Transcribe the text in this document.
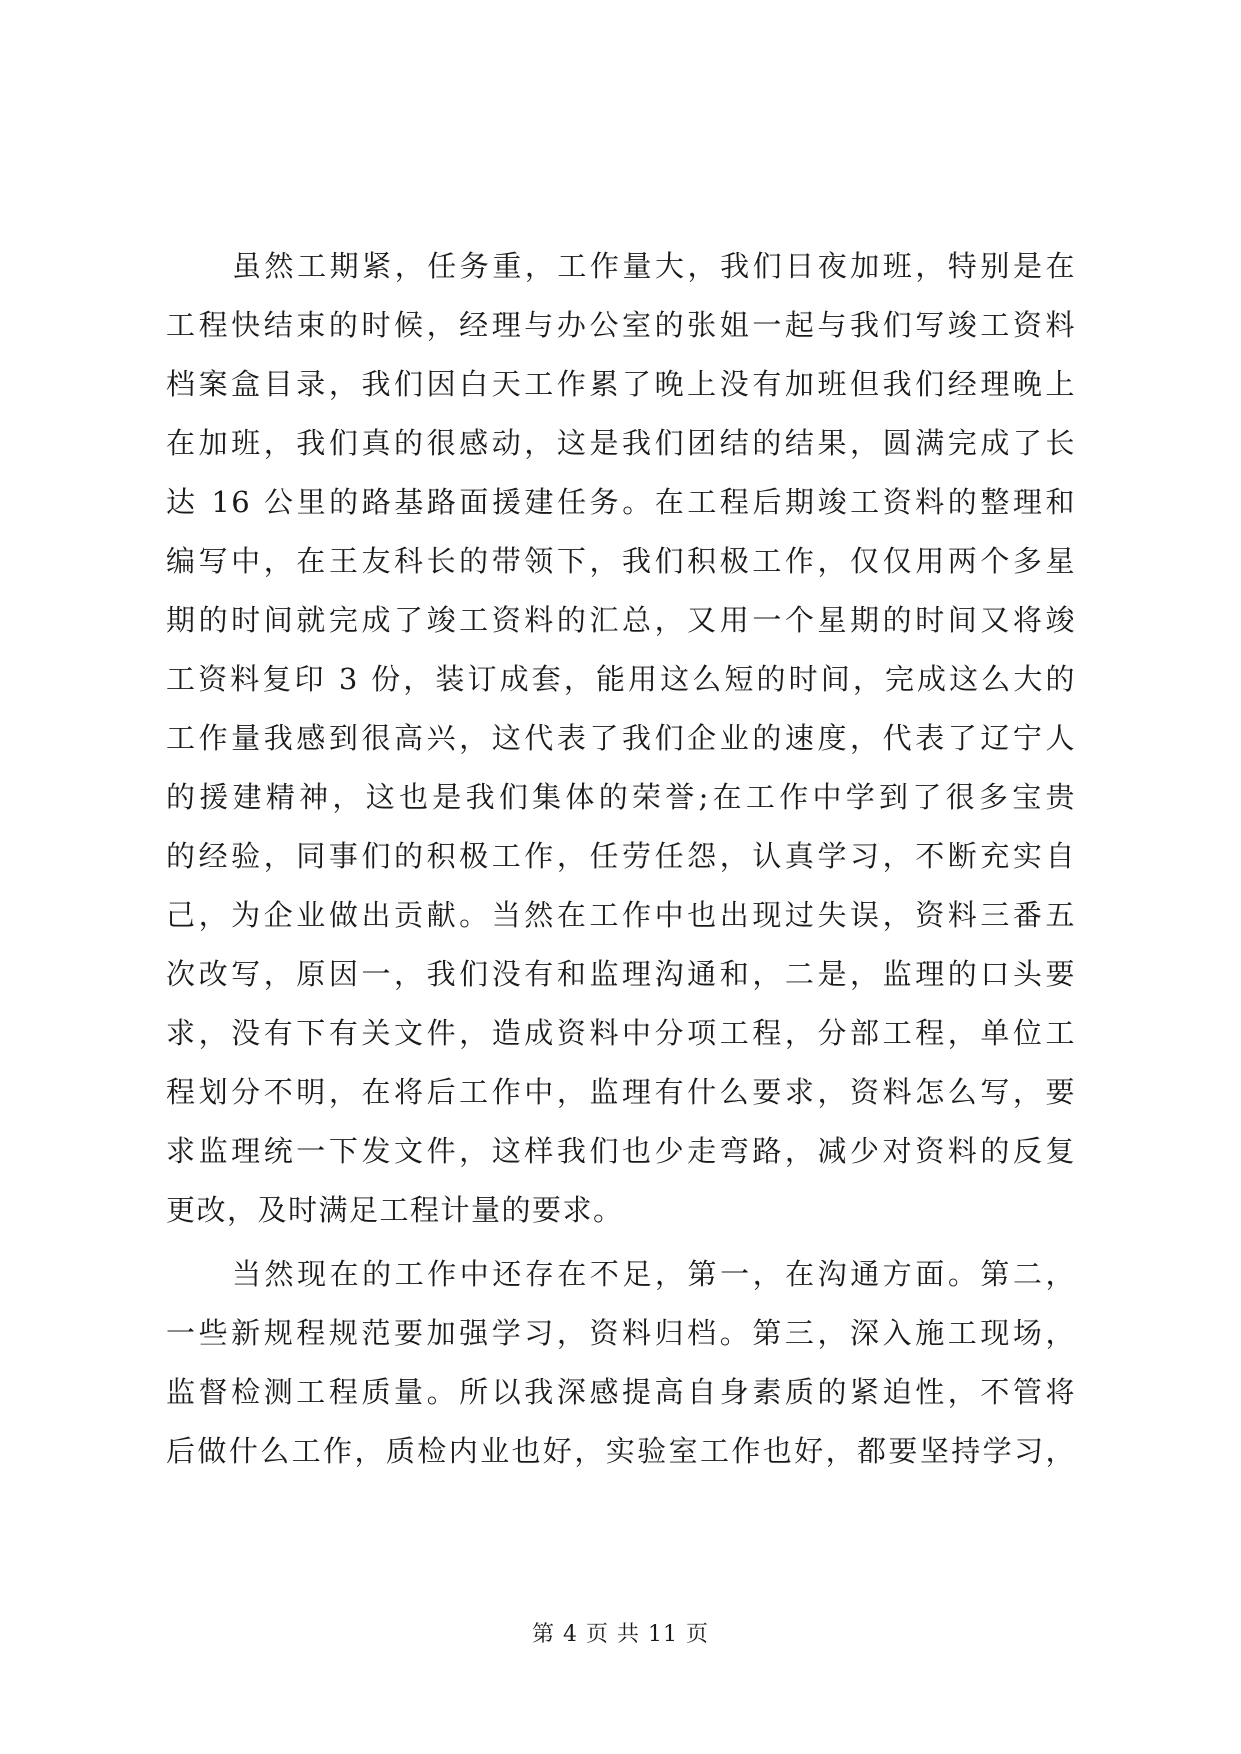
虽然工期紧，任务重，工作量大，我们日夜加班，特别是在
工程快结束的时候，经理与办公室的张姐一起与我们写竣工资料
档案盒目录，我们因白天工作累了晚上没有加班但我们经理晚上
在加班，我们真的很感动，这是我们团结的结果，圆满完成了长
达 16 公里的路基路面援建任务。在工程后期竣工资料的整理和
编写中，在王友科长的带领下，我们积极工作，仅仅用两个多星
期的时间就完成了竣工资料的汇总，又用一个星期的时间又将竣
工资料复印 3 份，装订成套，能用这么短的时间，完成这么大的
工作量我感到很高兴，这代表了我们企业的速度，代表了辽宁人
的援建精神，这也是我们集体的荣誉;在工作中学到了很多宝贵
的经验，同事们的积极工作，任劳任怨，认真学习，不断充实自
己，为企业做出贡献。当然在工作中也出现过失误，资料三番五
次改写，原因一，我们没有和监理沟通和，二是，监理的口头要
求，没有下有关文件，造成资料中分项工程，分部工程，单位工
程划分不明，在将后工作中，监理有什么要求，资料怎么写，要
求监理统一下发文件，这样我们也少走弯路，减少对资料的反复
更改，及时满足工程计量的要求。
当然现在的工作中还存在不足，第一，在沟通方面。第二，
一些新规程规范要加强学习，资料归档。第三，深入施工现场，
监督检测工程质量。所以我深感提高自身素质的紧迫性，不管将
后做什么工作，质检内业也好，实验室工作也好，都要坚持学习，
第 4 页 共 11 页
